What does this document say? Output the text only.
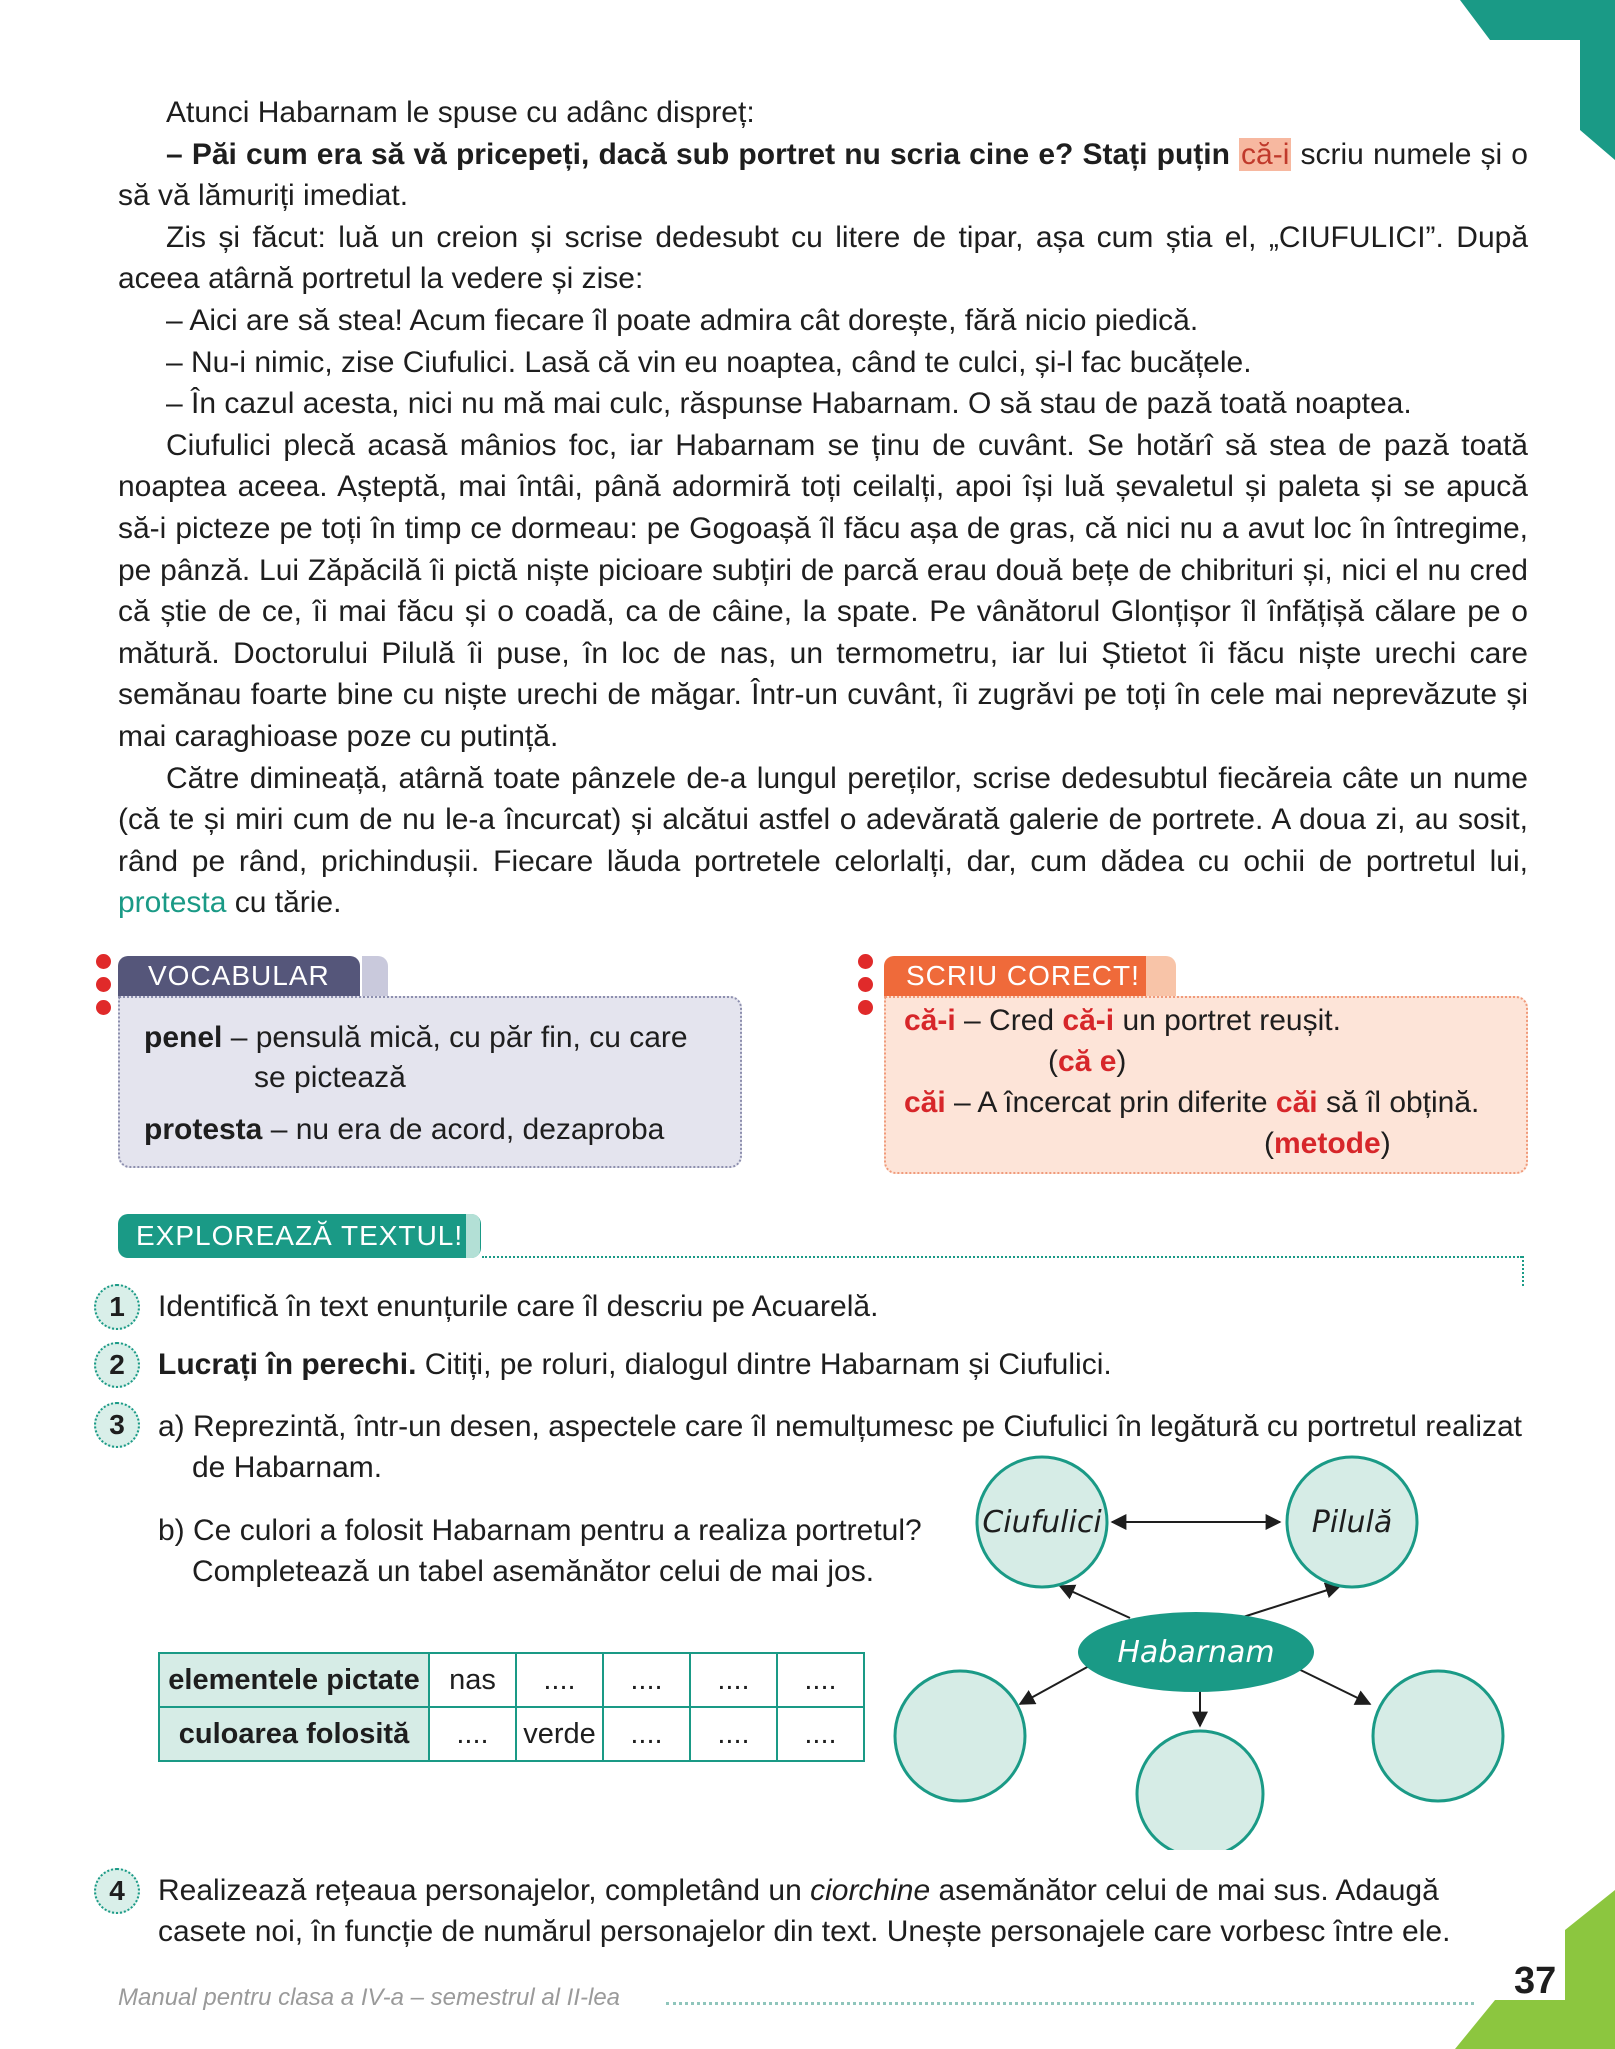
Atunci Habarnam le spuse cu adânc dispreț:

– Păi cum era să vă pricepeți, dacă sub portret nu scria cine e? Stați puțin că-i scriu numele și o să vă lămuriți imediat.

Zis și făcut: luă un creion și scrise dedesubt cu litere de tipar, așa cum știa el, „CIUFULICI”. După aceea atârnă portretul la vedere și zise:

– Aici are să stea! Acum fiecare îl poate admira cât dorește, fără nicio piedică.

– Nu-i nimic, zise Ciufulici. Lasă că vin eu noaptea, când te culci, și-l fac bucățele.

– În cazul acesta, nici nu mă mai culc, răspunse Habarnam. O să stau de pază toată noaptea.

Ciufulici plecă acasă mânios foc, iar Habarnam se ținu de cuvânt. Se hotărî să stea de pază toată noaptea aceea. Așteptă, mai întâi, până adormiră toți ceilalți, apoi își luă șevaletul și paleta și se apucă să-i picteze pe toți în timp ce dormeau: pe Gogoașă îl făcu așa de gras, că nici nu a avut loc în întregime, pe pânză. Lui Zăpăcilă îi pictă niște picioare subțiri de parcă erau două bețe de chibrituri și, nici el nu cred că știe de ce, îi mai făcu și o coadă, ca de câine, la spate. Pe vânătorul Glonțișor îl înfățișă călare pe o mătură. Doctorului Pilulă îi puse, în loc de nas, un termometru, iar lui Știetot îi făcu niște urechi care semănau foarte bine cu niște urechi de măgar. Într-un cuvânt, îi zugrăvi pe toți în cele mai neprevăzute și mai caraghioase poze cu putință.

Către dimineață, atârnă toate pânzele de-a lungul pereților, scrise dedesubtul fiecăreia câte un nume (că te și miri cum de nu le-a încurcat) și alcătui astfel o adevărată galerie de portrete. A doua zi, au sosit, rând pe rând, prichindușii. Fiecare lăuda portretele celorlalți, dar, cum dădea cu ochii de portretul lui, protesta cu tărie.

VOCABULAR

penel – pensulă mică, cu păr fin, cu care
se pictează

protesta – nu era de acord, dezaproba

SCRIU CORECT!

că-i – Cred că-i un portret reușit.

(că e)

căi – A încercat prin diferite căi să îl obțină.

(metode)

EXPLOREAZĂ TEXTUL!
1	Identifică în text enunțurile care îl descriu pe Acuarelă.

2	Lucrați în perechi. Citiți, pe roluri, dialogul dintre Habarnam și Ciufulici.

3	a) Reprezintă, într-un desen, aspectele care îl nemulțumesc pe Ciufulici în legătură cu portretul realizat

de Habarnam.

b) Ce culori a folosit Habarnam pentru a realiza portretul?

Completează un tabel asemănător celui de mai jos.

elementele pictate	nas	....	....	....	....
culoarea folosită	....	verde	....	....	....
Ciufulici	Pilulă
Habarnam
4	Realizează rețeaua personajelor, completând un ciorchine asemănător celui de mai sus. Adaugă casete noi, în funcție de numărul personajelor din text. Unește personajele care vorbesc între ele.

Manual pentru clasa a IV-a – semestrul al II-lea	37
